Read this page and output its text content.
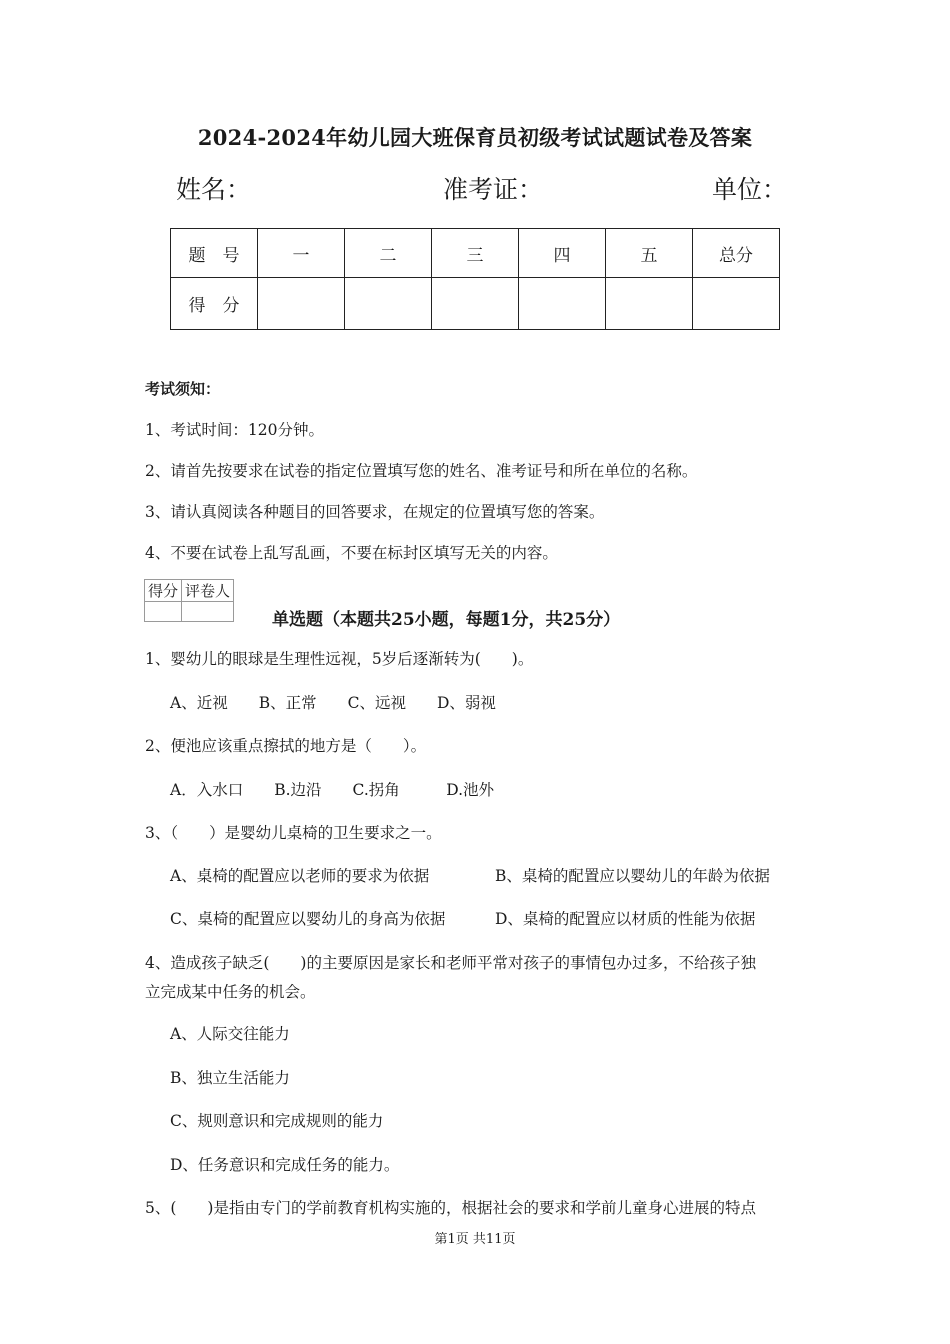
2024-2024年幼儿园大班保育员初级考试试题试卷及答案
姓名：	准考证：	单位：
题　号	一	二	三	四	五	总分
得　分						
考试须知：
1、考试时间：120分钟。
2、请首先按要求在试卷的指定位置填写您的姓名、准考证号和所在单位的名称。
3、请认真阅读各种题目的回答要求，在规定的位置填写您的答案。
4、不要在试卷上乱写乱画，不要在标封区填写无关的内容。
得分	评卷人

单选题（本题共25小题，每题1分，共25分）
1、婴幼儿的眼球是生理性远视，5岁后逐渐转为(　　)。
A、近视　　B、正常　　C、远视　　D、弱视
2、便池应该重点擦拭的地方是（　　）。
A．入水口　　B.边沿　　C.拐角　　　D.池外
3、（　　）是婴幼儿桌椅的卫生要求之一。
A、桌椅的配置应以老师的要求为依据	B、桌椅的配置应以婴幼儿的年龄为依据
C、桌椅的配置应以婴幼儿的身高为依据	D、桌椅的配置应以材质的性能为依据
4、造成孩子缺乏(　　)的主要原因是家长和老师平常对孩子的事情包办过多，不给孩子独
立完成某中任务的机会。
A、人际交往能力
B、独立生活能力
C、规则意识和完成规则的能力
D、任务意识和完成任务的能力。
5、(　　)是指由专门的学前教育机构实施的，根据社会的要求和学前儿童身心进展的特点
第1页 共11页
